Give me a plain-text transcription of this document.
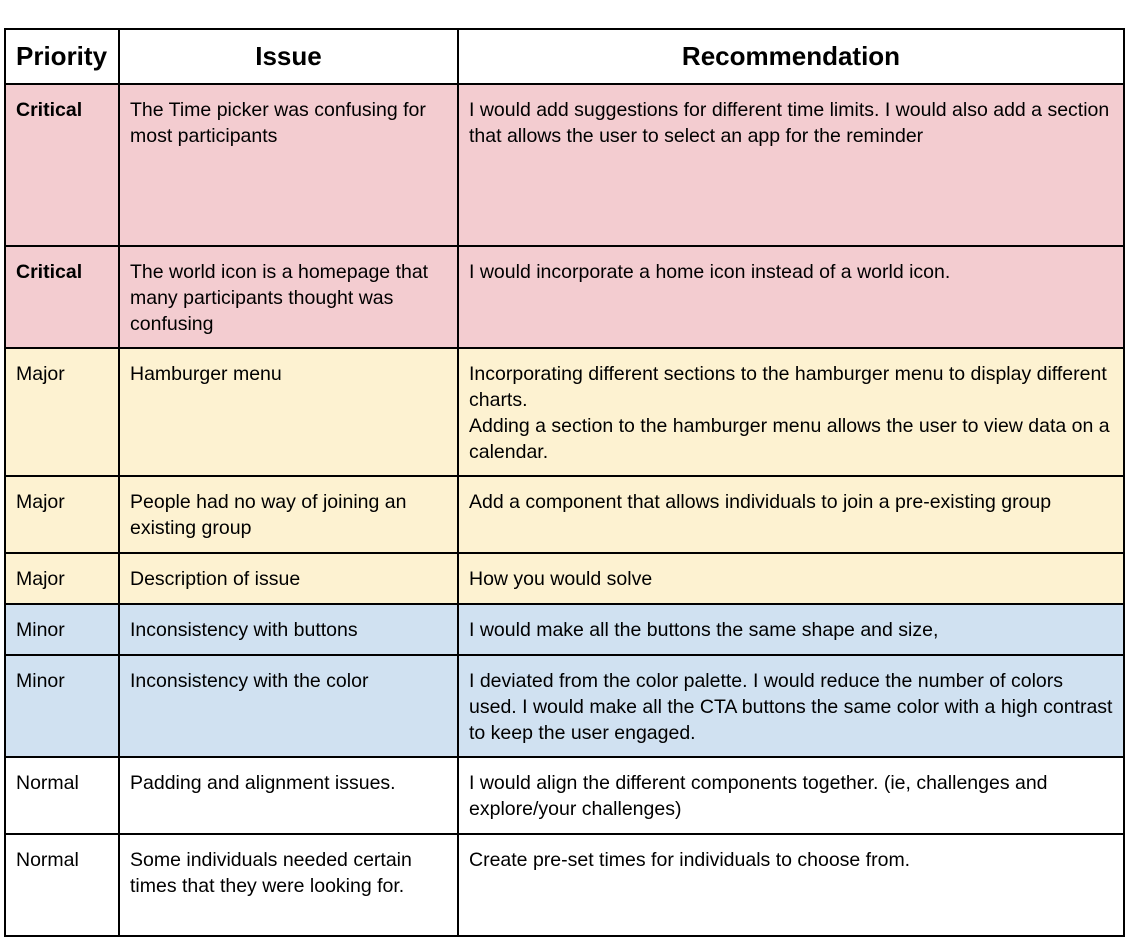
Priority	Issue	Recommendation
Critical	The Time picker was confusing for most participants	I would add suggestions for different time limits. I would also add a section that allows the user to select an app for the reminder
Critical	The world icon is a homepage that many participants thought was confusing	I would incorporate a home icon instead of a world icon.
Major	Hamburger menu	Incorporating different sections to the hamburger menu to display different charts.
Adding a section to the hamburger menu allows the user to view data on a calendar.
Major	People had no way of joining an existing group	Add a component that allows individuals to join a pre-existing group
Major	Description of issue	How you would solve
Minor	Inconsistency with buttons	I would make all the buttons the same shape and size,
Minor	Inconsistency with the color	I deviated from the color palette. I would reduce the number of colors used. I would make all the CTA buttons the same color with a high contrast to keep the user engaged.
Normal	Padding and alignment issues.	I would align the different components together. (ie, challenges and explore/your challenges)
Normal	Some individuals needed certain times that they were looking for.	Create pre-set times for individuals to choose from.
